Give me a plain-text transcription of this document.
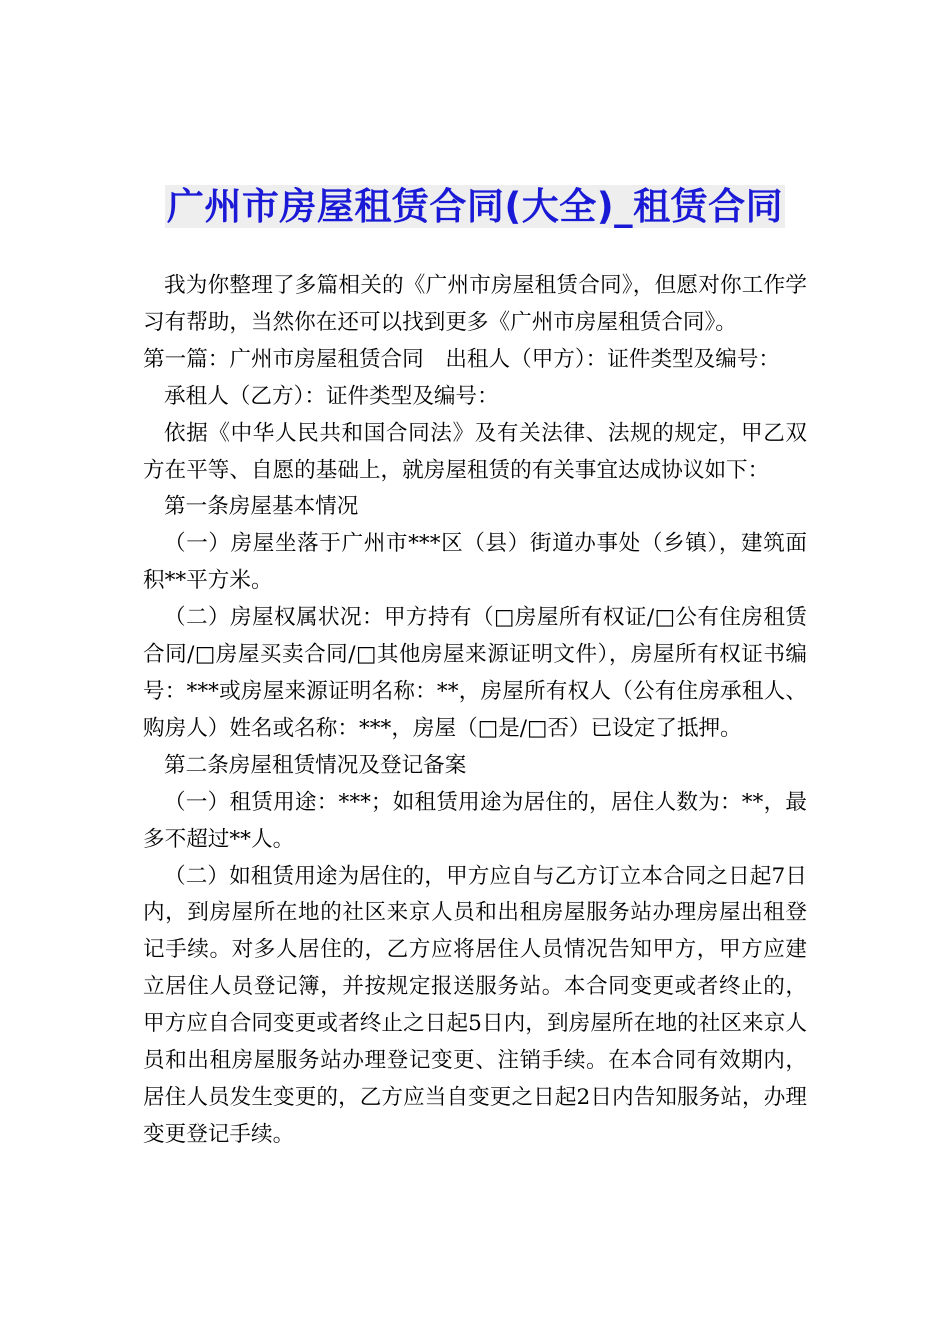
广州市房屋租赁合同(大全)_租赁合同

我为你整理了多篇相关的《广州市房屋租赁合同》，但愿对你工作学习有帮助，当然你在还可以找到更多《广州市房屋租赁合同》。

第一篇：广州市房屋租赁合同　出租人（甲方）：证件类型及编号：

承租人（乙方）：证件类型及编号：

依据《中华人民共和国合同法》及有关法律、法规的规定，甲乙双方在平等、自愿的基础上，就房屋租赁的有关事宜达成协议如下：

第一条房屋基本情况

（一）房屋坐落于广州市***区（县）街道办事处（乡镇），建筑面积**平方米。

（二）房屋权属状况：甲方持有（□房屋所有权证/□公有住房租赁合同/□房屋买卖合同/□其他房屋来源证明文件），房屋所有权证书编号：***或房屋来源证明名称：**，房屋所有权人（公有住房承租人、购房人）姓名或名称：***，房屋（□是/□否）已设定了抵押。

第二条房屋租赁情况及登记备案

（一）租赁用途：***；如租赁用途为居住的，居住人数为：**，最多不超过**人。

（二）如租赁用途为居住的，甲方应自与乙方订立本合同之日起7日内，到房屋所在地的社区来京人员和出租房屋服务站办理房屋出租登记手续。对多人居住的，乙方应将居住人员情况告知甲方，甲方应建立居住人员登记簿，并按规定报送服务站。本合同变更或者终止的，甲方应自合同变更或者终止之日起5日内，到房屋所在地的社区来京人员和出租房屋服务站办理登记变更、注销手续。在本合同有效期内，居住人员发生变更的，乙方应当自变更之日起2日内告知服务站，办理变更登记手续。
